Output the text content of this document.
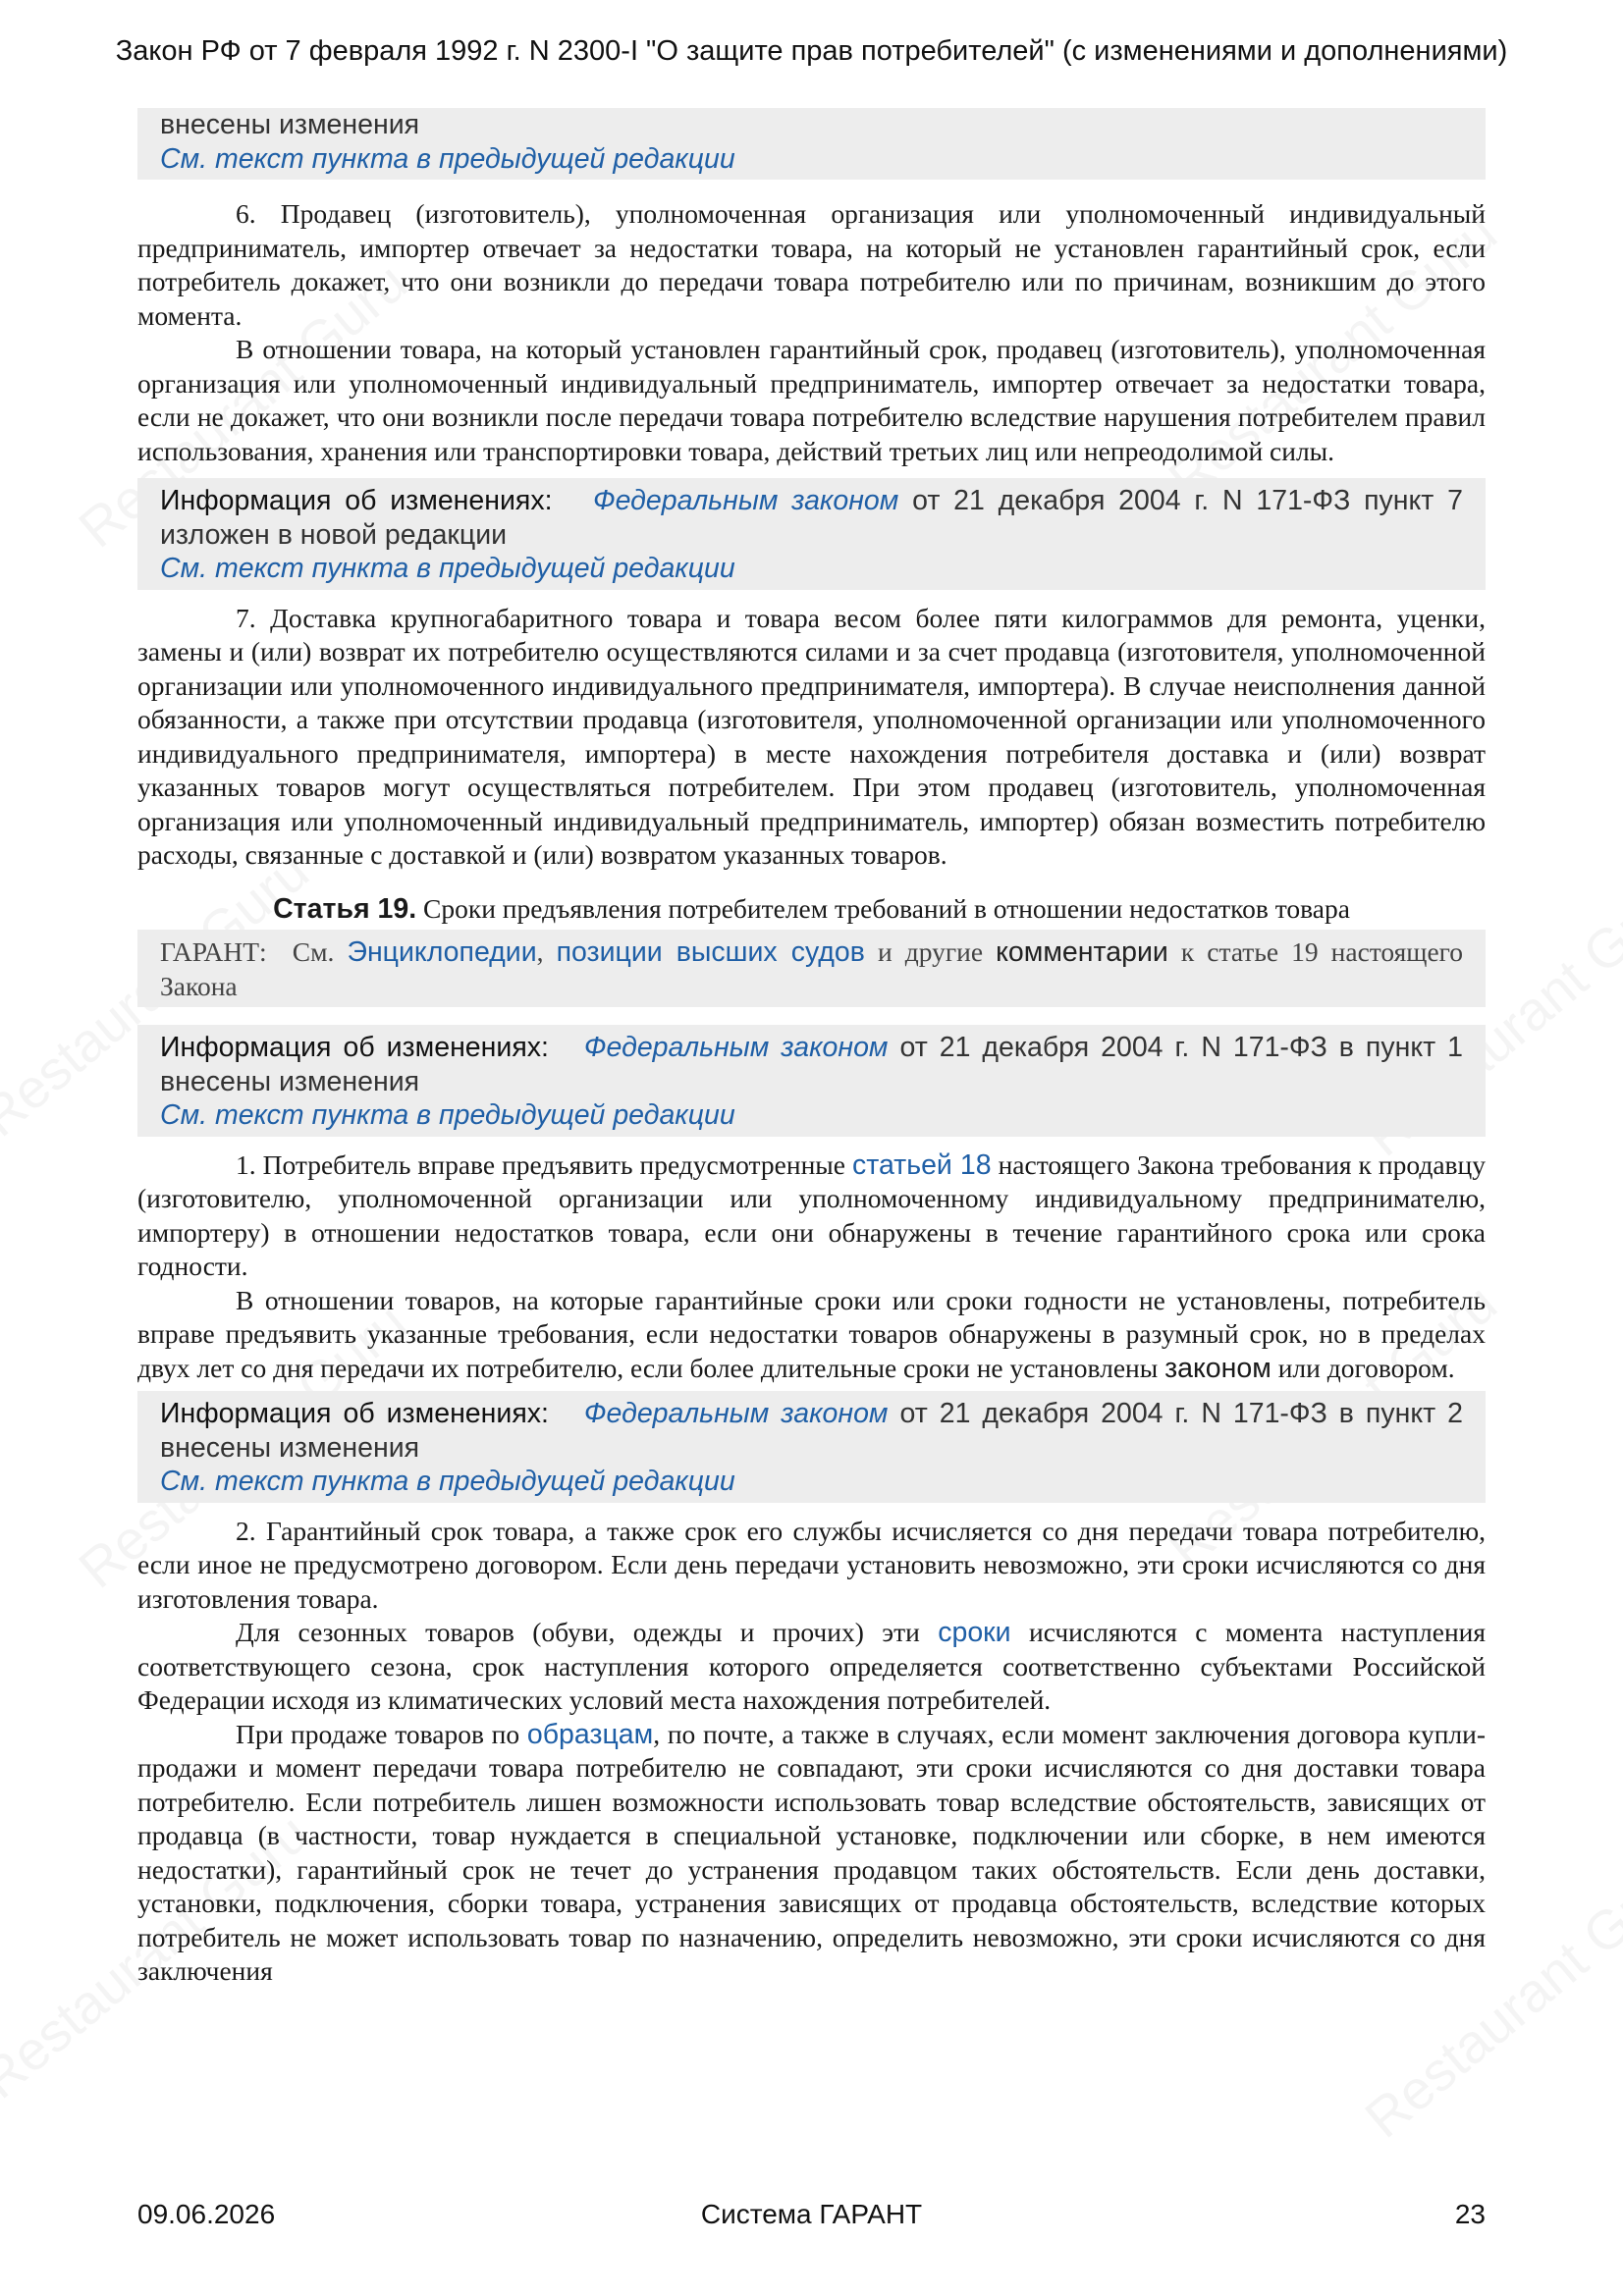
Закон РФ от 7 февраля 1992 г. N 2300-I "О защите прав потребителей" (с изменениями и дополнениями)
внесены изменения
См. текст пункта в предыдущей редакции

6. Продавец (изготовитель), уполномоченная организация или уполномоченный индивидуальный предприниматель, импортер отвечает за недостатки товара, на который не установлен гарантийный срок, если потребитель докажет, что они возникли до передачи товара потребителю или по причинам, возникшим до этого момента.

В отношении товара, на который установлен гарантийный срок, продавец (изготовитель), уполномоченная организация или уполномоченный индивидуальный предприниматель, импортер отвечает за недостатки товара, если не докажет, что они возникли после передачи товара потребителю вследствие нарушения потребителем правил использования, хранения или транспортировки товара, действий третьих лиц или непреодолимой силы.

Информация об изменениях: Федеральным законом от 21 декабря 2004 г. N 171-ФЗ пункт 7 изложен в новой редакции
См. текст пункта в предыдущей редакции

7. Доставка крупногабаритного товара и товара весом более пяти килограммов для ремонта, уценки, замены и (или) возврат их потребителю осуществляются силами и за счет продавца (изготовителя, уполномоченной организации или уполномоченного индивидуального предпринимателя, импортера). В случае неисполнения данной обязанности, а также при отсутствии продавца (изготовителя, уполномоченной организации или уполномоченного индивидуального предпринимателя, импортера) в месте нахождения потребителя доставка и (или) возврат указанных товаров могут осуществляться потребителем. При этом продавец (изготовитель, уполномоченная организация или уполномоченный индивидуальный предприниматель, импортер) обязан возместить потребителю расходы, связанные с доставкой и (или) возвратом указанных товаров.

Статья 19. Сроки предъявления потребителем требований в отношении недостатков товара

ГАРАНТ: См. Энциклопедии, позиции высших судов и другие комментарии к статье 19 настоящего Закона
Информация об изменениях: Федеральным законом от 21 декабря 2004 г. N 171-ФЗ в пункт 1 внесены изменения
См. текст пункта в предыдущей редакции

1. Потребитель вправе предъявить предусмотренные статьей 18 настоящего Закона требования к продавцу (изготовителю, уполномоченной организации или уполномоченному индивидуальному предпринимателю, импортеру) в отношении недостатков товара, если они обнаружены в течение гарантийного срока или срока годности.

В отношении товаров, на которые гарантийные сроки или сроки годности не установлены, потребитель вправе предъявить указанные требования, если недостатки товаров обнаружены в разумный срок, но в пределах двух лет со дня передачи их потребителю, если более длительные сроки не установлены законом или договором.

Информация об изменениях: Федеральным законом от 21 декабря 2004 г. N 171-ФЗ в пункт 2 внесены изменения
См. текст пункта в предыдущей редакции

2. Гарантийный срок товара, а также срок его службы исчисляется со дня передачи товара потребителю, если иное не предусмотрено договором. Если день передачи установить невозможно, эти сроки исчисляются со дня изготовления товара.

Для сезонных товаров (обуви, одежды и прочих) эти сроки исчисляются с момента наступления соответствующего сезона, срок наступления которого определяется соответственно субъектами Российской Федерации исходя из климатических условий места нахождения потребителей.

При продаже товаров по образцам, по почте, а также в случаях, если момент заключения договора купли-продажи и момент передачи товара потребителю не совпадают, эти сроки исчисляются со дня доставки товара потребителю. Если потребитель лишен возможности использовать товар вследствие обстоятельств, зависящих от продавца (в частности, товар нуждается в специальной установке, подключении или сборке, в нем имеются недостатки), гарантийный срок не течет до устранения продавцом таких обстоятельств. Если день доставки, установки, подключения, сборки товара, устранения зависящих от продавца обстоятельств, вследствие которых потребитель не может использовать товар по назначению, определить невозможно, эти сроки исчисляются со дня заключения

09.06.2026	Система ГАРАНТ	23
